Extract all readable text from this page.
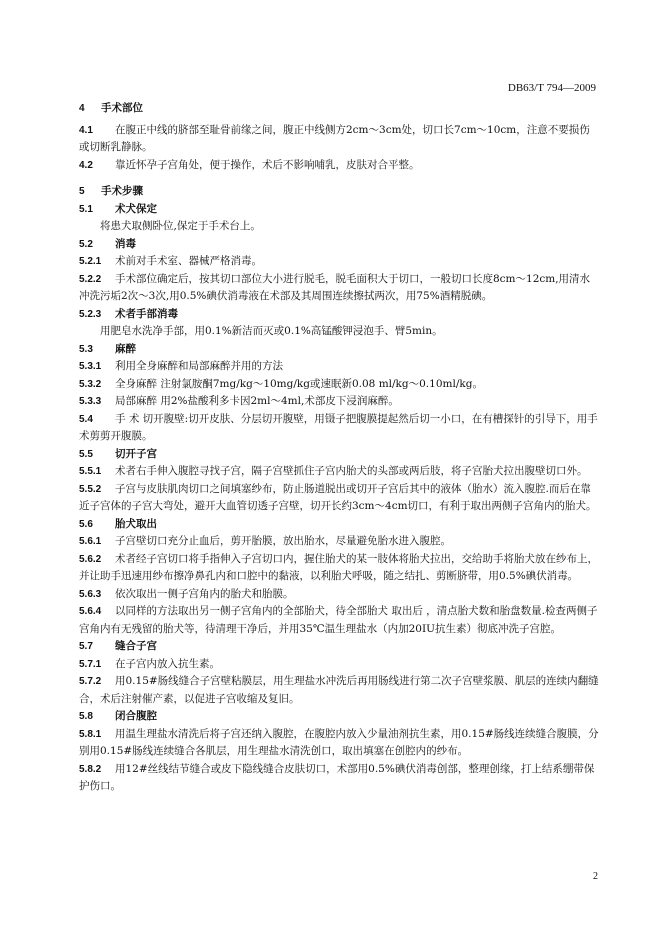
DB63/T 794—2009

4 手术部位

4.1 在腹正中线的脐部至耻骨前缘之间，腹正中线侧方2cm～3cm处，切口长7cm～10cm，注意不要损伤或切断乳静脉。

4.2 靠近怀孕子宫角处，便于操作，术后不影响哺乳，皮肤对合平整。

5 手术步骤

5.1 术犬保定

将患犬取侧卧位,保定于手术台上。

5.2 消毒

5.2.1 术前对手术室、器械严格消毒。

5.2.2 手术部位确定后，按其切口部位大小进行脱毛，脱毛面积大于切口，一般切口长度8cm～12cm,用清水冲洗污垢2次～3次,用0.5%碘伏消毒液在术部及其周围连续擦拭两次，用75%酒精脱碘。

5.2.3 术者手部消毒

用肥皂水洗净手部，用0.1%新洁而灭或0.1%高锰酸钾浸泡手、臂5min。

5.3 麻醉

5.3.1 利用全身麻醉和局部麻醉并用的方法

5.3.2 全身麻醉 注射氯胺酮7mg/kg～10mg/kg或速眠新0.08 ml/kg～0.10ml/kg。

5.3.3 局部麻醉 用2%盐酸利多卡因2ml～4ml,术部皮下浸润麻醉。

5.4 手 术 切开腹壁:切开皮肤、分层切开腹壁，用镊子把腹膜提起然后切一小口，在有槽探针的引导下，用手术剪剪开腹膜。

5.5 切开子宫

5.5.1 术者右手伸入腹腔寻找子宫，隔子宫壁抓住子宫内胎犬的头部或两后肢，将子宫胎犬拉出腹壁切口外。

5.5.2 子宫与皮肤肌肉切口之间填塞纱布，防止肠道脱出或切开子宫后其中的液体（胎水）流入腹腔.而后在靠近子宫体的子宫大弯处，避开大血管切透子宫壁，切开长约3cm～4cm切口，有利于取出两侧子宫角内的胎犬。

5.6 胎犬取出

5.6.1 子宫壁切口充分止血后，剪开胎膜，放出胎水，尽量避免胎水进入腹腔。

5.6.2 术者经子宫切口将手指伸入子宫切口内，握住胎犬的某一肢体将胎犬拉出，交给助手将胎犬放在纱布上，并让助手迅速用纱布擦净鼻孔内和口腔中的黏液，以利胎犬呼吸，随之结扎、剪断脐带，用0.5%碘伏消毒。

5.6.3 依次取出一侧子宫角内的胎犬和胎膜。

5.6.4 以同样的方法取出另一侧子宫角内的全部胎犬，待全部胎犬 取出后 ，清点胎犬数和胎盘数量.检查两侧子宫角内有无残留的胎犬等，待清理干净后，并用35℃温生理盐水（内加20IU抗生素）彻底冲洗子宫腔。

5.7 缝合子宫

5.7.1 在子宫内放入抗生素。

5.7.2 用0.15#肠线缝合子宫壁粘膜层，用生理盐水冲洗后再用肠线进行第二次子宫壁浆膜、肌层的连续内翻缝合，术后注射催产素，以促进子宫收缩及复旧。

5.8 闭合腹腔

5.8.1 用温生理盐水清洗后将子宫还纳入腹腔，在腹腔内放入少量油剂抗生素，用0.15#肠线连续缝合腹膜，分别用0.15#肠线连续缝合各肌层，用生理盐水清洗创口，取出填塞在创腔内的纱布。

5.8.2 用12#丝线结节缝合或皮下隐线缝合皮肤切口，术部用0.5%碘伏消毒创部，整理创缘，打上结系绷带保护伤口。

2
